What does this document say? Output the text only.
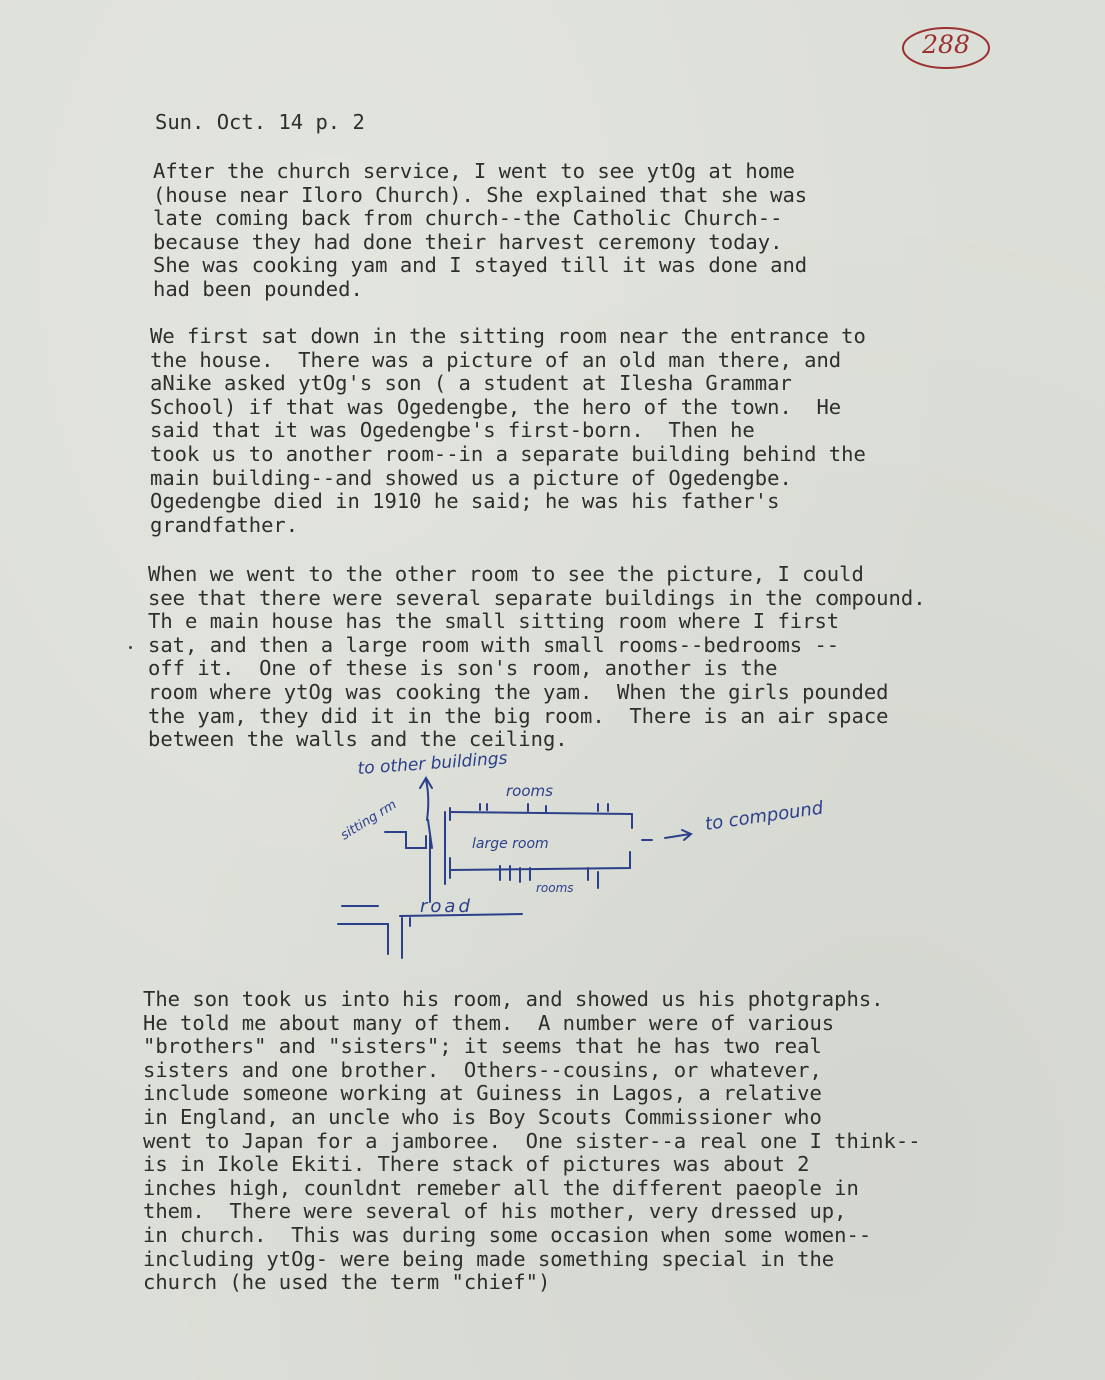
288
Sun. Oct. 14 p. 2
After the church service, I went to see ytOg at home
(house near Iloro Church). She explained that she was
late coming back from church--the Catholic Church--
because they had done their harvest ceremony today.
She was cooking yam and I stayed till it was done and
had been pounded.
We first sat down in the sitting room near the entrance to
the house.  There was a picture of an old man there, and
aNike asked ytOg's son ( a student at Ilesha Grammar
School) if that was Ogedengbe, the hero of the town.  He
said that it was Ogedengbe's first-born.  Then he
took us to another room--in a separate building behind the
main building--and showed us a picture of Ogedengbe.
Ogedengbe died in 1910 he said; he was his father's
grandfather.
When we went to the other room to see the picture, I could
see that there were several separate buildings in the compound.
Th e main house has the small sitting room where I first
sat, and then a large room with small rooms--bedrooms --
off it.  One of these is son's room, another is the
room where ytOg was cooking the yam.  When the girls pounded
the yam, they did it in the big room.  There is an air space
between the walls and the ceiling.
to other buildings
sitting rm
rooms
large room
to compound
rooms
road
The son took us into his room, and showed us his photgraphs.
He told me about many of them.  A number were of various
"brothers" and "sisters"; it seems that he has two real
sisters and one brother.  Others--cousins, or whatever,
include someone working at Guiness in Lagos, a relative
in England, an uncle who is Boy Scouts Commissioner who
went to Japan for a jamboree.  One sister--a real one I think--
is in Ikole Ekiti. There stack of pictures was about 2
inches high, counldnt remeber all the different paeople in
them.  There were several of his mother, very dressed up,
in church.  This was during some occasion when some women--
including ytOg- were being made something special in the
church (he used the term "chief")
